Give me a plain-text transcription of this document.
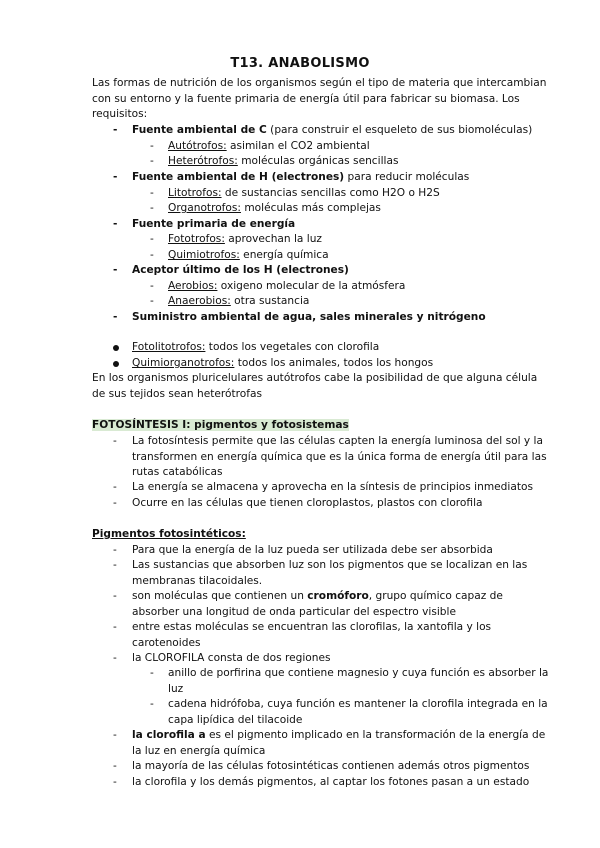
T13. ANABOLISMO
Las formas de nutrición de los organismos según el tipo de materia que intercambian con su entorno y la fuente primaria de energía útil para fabricar su biomasa. Los requisitos:
- Fuente ambiental de C (para construir el esqueleto de sus biomoléculas)
- Autótrofos: asimilan el CO2 ambiental
- Heterótrofos: moléculas orgánicas sencillas
- Fuente ambiental de H (electrones) para reducir moléculas
- Litotrofos: de sustancias sencillas como H2O o H2S
- Organotrofos: moléculas más complejas
- Fuente primaria de energía
- Fototrofos: aprovechan la luz
- Quimiotrofos: energía química
- Aceptor último de los H (electrones)
- Aerobios: oxigeno molecular de la atmósfera
- Anaerobios: otra sustancia
- Suministro ambiental de agua, sales minerales y nitrógeno
Fotolitotrofos: todos los vegetales con clorofila
Quimiorganotrofos: todos los animales, todos los hongos
En los organismos pluricelulares autótrofos cabe la posibilidad de que alguna célula de sus tejidos sean heterótrofas
FOTOSÍNTESIS I: pigmentos y fotosistemas
- La fotosíntesis permite que las células capten la energía luminosa del sol y la transformen en energía química que es la única forma de energía útil para las rutas catabólicas
- La energía se almacena y aprovecha en la síntesis de principios inmediatos
- Ocurre en las células que tienen cloroplastos, plastos con clorofila
Pigmentos fotosintéticos:
- Para que la energía de la luz pueda ser utilizada debe ser absorbida
- Las sustancias que absorben luz son los pigmentos que se localizan en las membranas tilacoidales.
- son moléculas que contienen un cromóforo, grupo químico capaz de absorber una longitud de onda particular del espectro visible
- entre estas moléculas se encuentran las clorofilas, la xantofila y los carotenoides
- la CLOROFILA consta de dos regiones
- anillo de porfirina que contiene magnesio y cuya función es absorber la luz
- cadena hidrófoba, cuya función es mantener la clorofila integrada en la capa lipídica del tilacoide
- la clorofila a es el pigmento implicado en la transformación de la energía de la luz en energía química
- la mayoría de las células fotosintéticas contienen además otros pigmentos
- la clorofila y los demás pigmentos, al captar los fotones pasan a un estado
